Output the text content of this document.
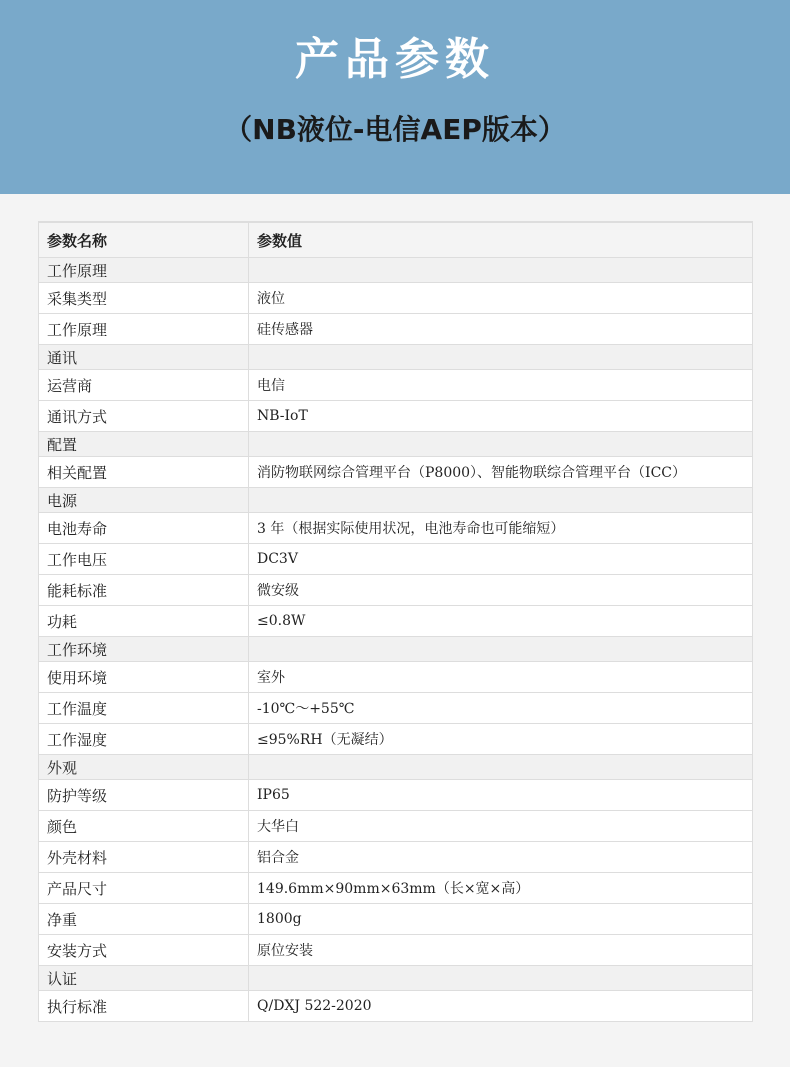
产品参数
（NB液位-电信AEP版本）
参数名称	参数值
工作原理	
采集类型	液位
工作原理	硅传感器
通讯	
运营商	电信
通讯方式	NB-IoT
配置	
相关配置	消防物联网综合管理平台（P8000）、智能物联综合管理平台（ICC）
电源	
电池寿命	3 年（根据实际使用状况，电池寿命也可能缩短）
工作电压	DC3V
能耗标准	微安级
功耗	≤0.8W
工作环境	
使用环境	室外
工作温度	-10℃～+55℃
工作湿度	≤95%RH（无凝结）
外观	
防护等级	IP65
颜色	大华白
外壳材料	铝合金
产品尺寸	149.6mm×90mm×63mm（长×宽×高）
净重	1800g
安装方式	原位安装
认证	
执行标准	Q/DXJ 522-2020
